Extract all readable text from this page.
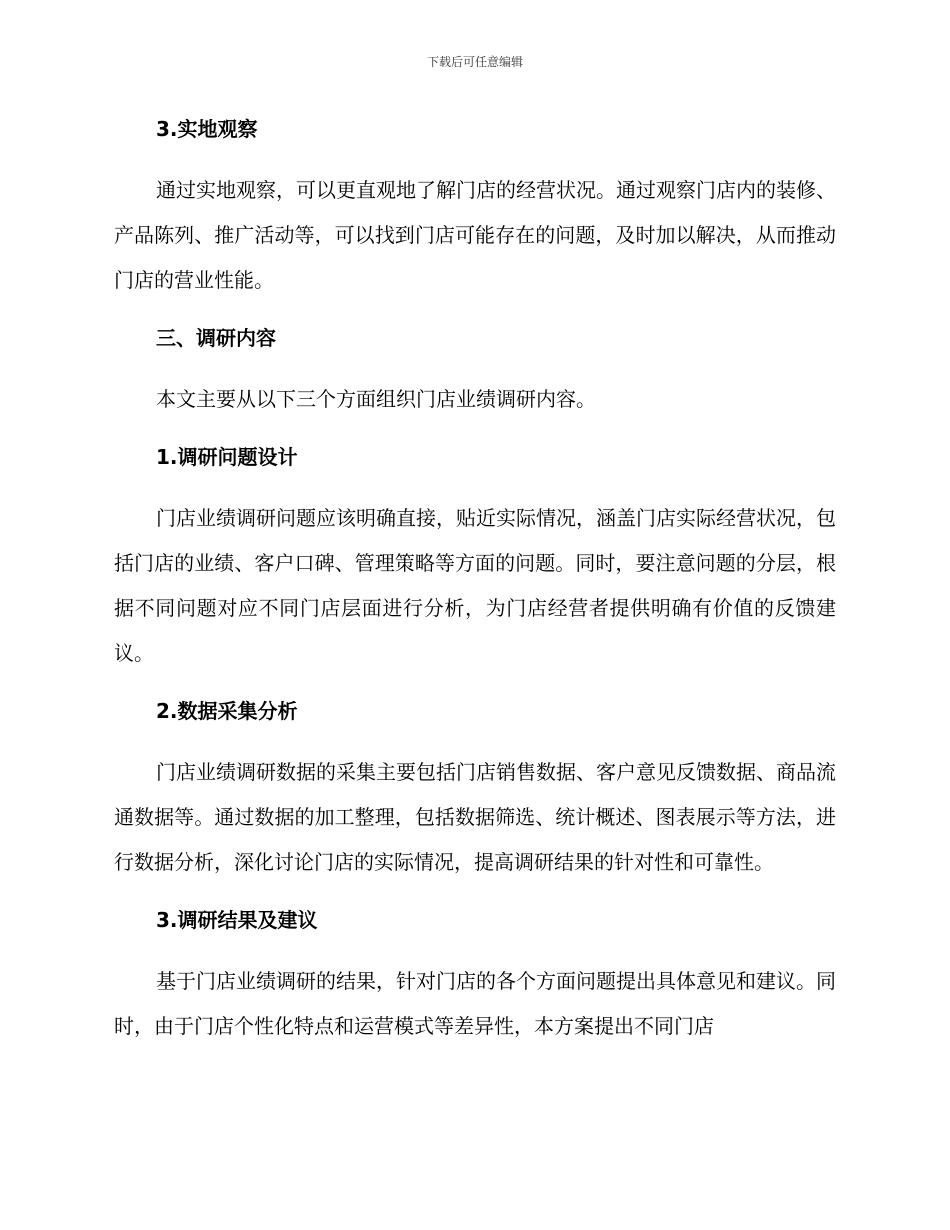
下载后可任意编辑
3.实地观察

通过实地观察，可以更直观地了解门店的经营状况。通过观察门店内的装修、产品陈列、推广活动等，可以找到门店可能存在的问题，及时加以解决，从而推动门店的营业性能。

三、调研内容

本文主要从以下三个方面组织门店业绩调研内容。

1.调研问题设计

门店业绩调研问题应该明确直接，贴近实际情况，涵盖门店实际经营状况，包括门店的业绩、客户口碑、管理策略等方面的问题。同时，要注意问题的分层，根据不同问题对应不同门店层面进行分析，为门店经营者提供明确有价值的反馈建议。

2.数据采集分析

门店业绩调研数据的采集主要包括门店销售数据、客户意见反馈数据、商品流通数据等。通过数据的加工整理，包括数据筛选、统计概述、图表展示等方法，进行数据分析，深化讨论门店的实际情况，提高调研结果的针对性和可靠性。

3.调研结果及建议

基于门店业绩调研的结果，针对门店的各个方面问题提出具体意见和建议。同时，由于门店个性化特点和运营模式等差异性，本方案提出不同门店
